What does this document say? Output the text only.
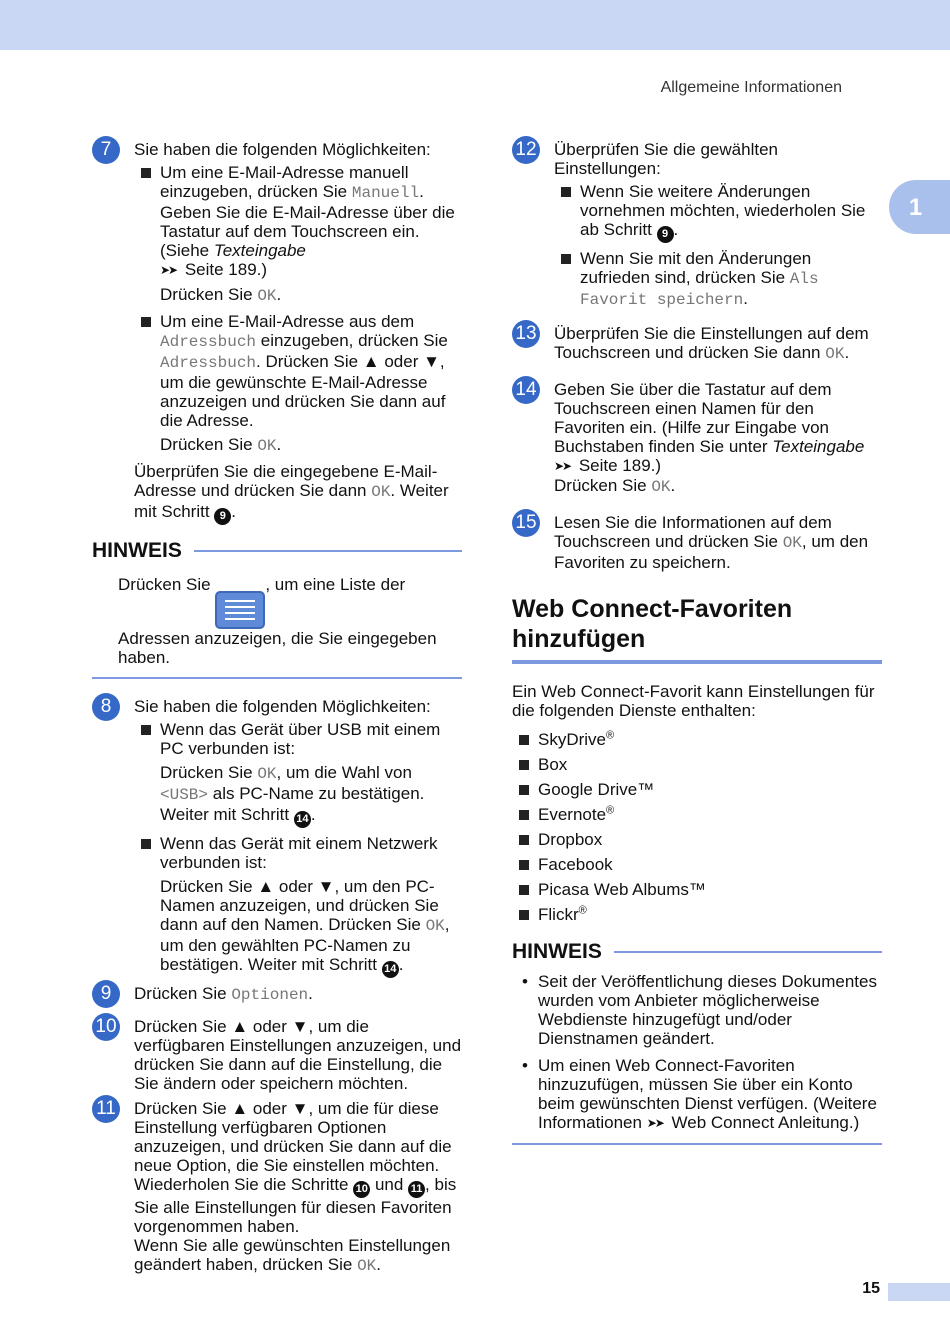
Allgemeine Informationen
1
7	Sie haben die folgenden Möglichkeiten:

Um eine E-Mail-Adresse manuell einzugeben, drücken Sie Manuell. Geben Sie die E-Mail-Adresse über die Tastatur auf dem Touchscreen ein. (Siehe Texteingabe
➤➤ Seite 189.)

Drücken Sie OK.

Um eine E-Mail-Adresse aus dem
Adressbuch einzugeben, drücken Sie Adressbuch. Drücken Sie ▲ oder ▼, um die gewünschte E-Mail-Adresse anzuzeigen und drücken Sie dann auf die Adresse.

Drücken Sie OK.

Überprüfen Sie die eingegebene E-Mail-Adresse und drücken Sie dann OK. Weiter mit Schritt 9 .

HINWEIS

Drücken Sie	, um eine Liste der Adressen anzuzeigen, die Sie eingegeben haben.

8	Sie haben die folgenden Möglichkeiten:

Wenn das Gerät über USB mit einem PC verbunden ist:

Drücken Sie OK, um die Wahl von <USB> als PC-Name zu bestätigen. Weiter mit Schritt 14 .

Wenn das Gerät mit einem Netzwerk verbunden ist:

Drücken Sie ▲ oder ▼, um den PC-Namen anzuzeigen, und drücken Sie dann auf den Namen. Drücken Sie OK, um den gewählten PC-Namen zu bestätigen. Weiter mit Schritt 14 .

9	Drücken Sie Optionen.

10 Drücken Sie ▲ oder ▼, um die verfügbaren Einstellungen anzuzeigen, und drücken Sie dann auf die Einstellung, die Sie ändern oder speichern möchten.

11 Drücken Sie ▲ oder ▼, um die für diese Einstellung verfügbaren Optionen anzuzeigen, und drücken Sie dann auf die neue Option, die Sie einstellen möchten.

Wiederholen Sie die Schritte 10 und 11 , bis Sie alle Einstellungen für diesen Favoriten vorgenommen haben.

Wenn Sie alle gewünschten Einstellungen geändert haben, drücken Sie OK.

12 Überprüfen Sie die gewählten Einstellungen:

Wenn Sie weitere Änderungen vornehmen möchten, wiederholen Sie ab Schritt 9 .
Wenn Sie mit den Änderungen zufrieden sind, drücken Sie Als Favorit speichern.
13 Überprüfen Sie die Einstellungen auf dem Touchscreen und drücken Sie dann OK.

14 Geben Sie über die Tastatur auf dem Touchscreen einen Namen für den Favoriten ein. (Hilfe zur Eingabe von Buchstaben finden Sie unter Texteingabe ➤➤ Seite 189.)

Drücken Sie OK.

15 Lesen Sie die Informationen auf dem Touchscreen und drücken Sie OK, um den Favoriten zu speichern.

Web Connect-Favoriten hinzufügen

Ein Web Connect-Favorit kann Einstellungen für die folgenden Dienste enthalten:

SkyDrive®
Box
Google Drive™
Evernote®
Dropbox
Facebook
Picasa Web Albums™
Flickr®
HINWEIS
• Seit der Veröffentlichung dieses Dokumentes wurden vom Anbieter möglicherweise Webdienste hinzugefügt und/oder Dienstnamen geändert.
• Um einen Web Connect-Favoriten hinzuzufügen, müssen Sie über ein Konto beim gewünschten Dienst verfügen. (Weitere Informationen ➤➤ Web Connect Anleitung.)
15
